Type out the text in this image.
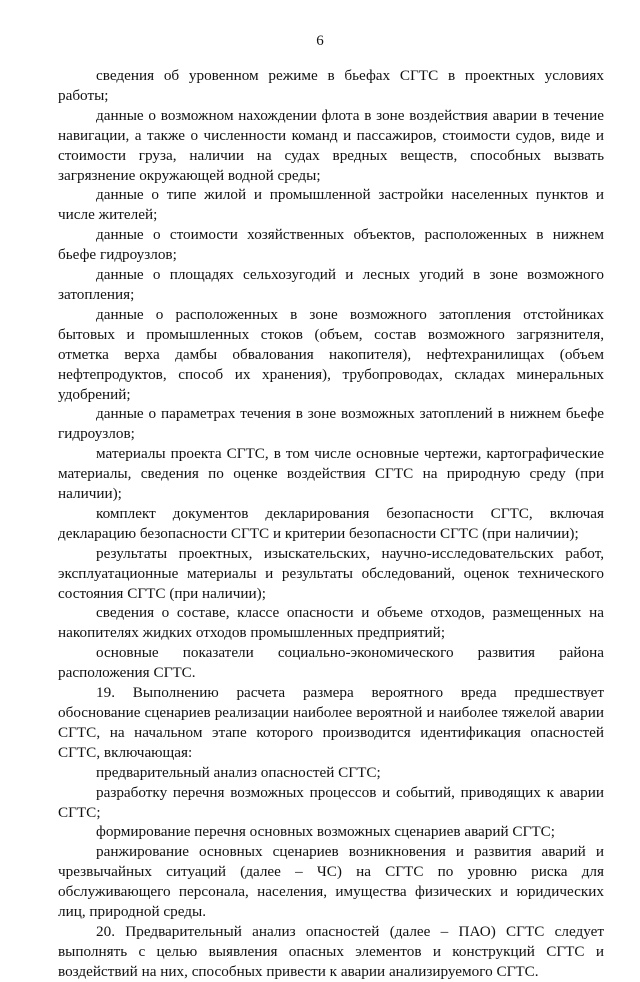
6

сведения об уровенном режиме в бьефах СГТС в проектных условиях работы;

данные о возможном нахождении флота в зоне воздействия аварии в течение навигации, а также о численности команд и пассажиров, стоимости судов, виде и стоимости груза, наличии на судах вредных веществ, способных вызвать загрязнение окружающей водной среды;

данные о типе жилой и промышленной застройки населенных пунктов и числе жителей;

данные о стоимости хозяйственных объектов, расположенных в нижнем бьефе гидроузлов;

данные о площадях сельхозугодий и лесных угодий в зоне возможного затопления;

данные о расположенных в зоне возможного затопления отстойниках бытовых и промышленных стоков (объем, состав возможного загрязнителя, отметка верха дамбы обвалования накопителя), нефтехранилищах (объем нефтепродуктов, способ их хранения), трубопроводах, складах минеральных удобрений;

данные о параметрах течения в зоне возможных затоплений в нижнем бьефе гидроузлов;

материалы проекта СГТС, в том числе основные чертежи, картографические материалы, сведения по оценке воздействия СГТС на природную среду (при наличии);

комплект документов декларирования безопасности СГТС, включая декларацию безопасности СГТС и критерии безопасности СГТС (при наличии);

результаты проектных, изыскательских, научно-исследовательских работ, эксплуатационные материалы и результаты обследований, оценок технического состояния СГТС (при наличии);

сведения о составе, классе опасности и объеме отходов, размещенных на накопителях жидких отходов промышленных предприятий;

основные показатели социально-экономического развития района расположения СГТС.

19. Выполнению расчета размера вероятного вреда предшествует обоснование сценариев реализации наиболее вероятной и наиболее тяжелой аварии СГТС, на начальном этапе которого производится идентификация опасностей СГТС, включающая:

предварительный анализ опасностей СГТС;

разработку перечня возможных процессов и событий, приводящих к аварии СГТС;

формирование перечня основных возможных сценариев аварий СГТС;

ранжирование основных сценариев возникновения и развития аварий и чрезвычайных ситуаций (далее – ЧС) на СГТС по уровню риска для обслуживающего персонала, населения, имущества физических и юридических лиц, природной среды.

20. Предварительный анализ опасностей (далее – ПАО) СГТС следует выполнять с целью выявления опасных элементов и конструкций СГТС и воздействий на них, способных привести к аварии анализируемого СГТС.
